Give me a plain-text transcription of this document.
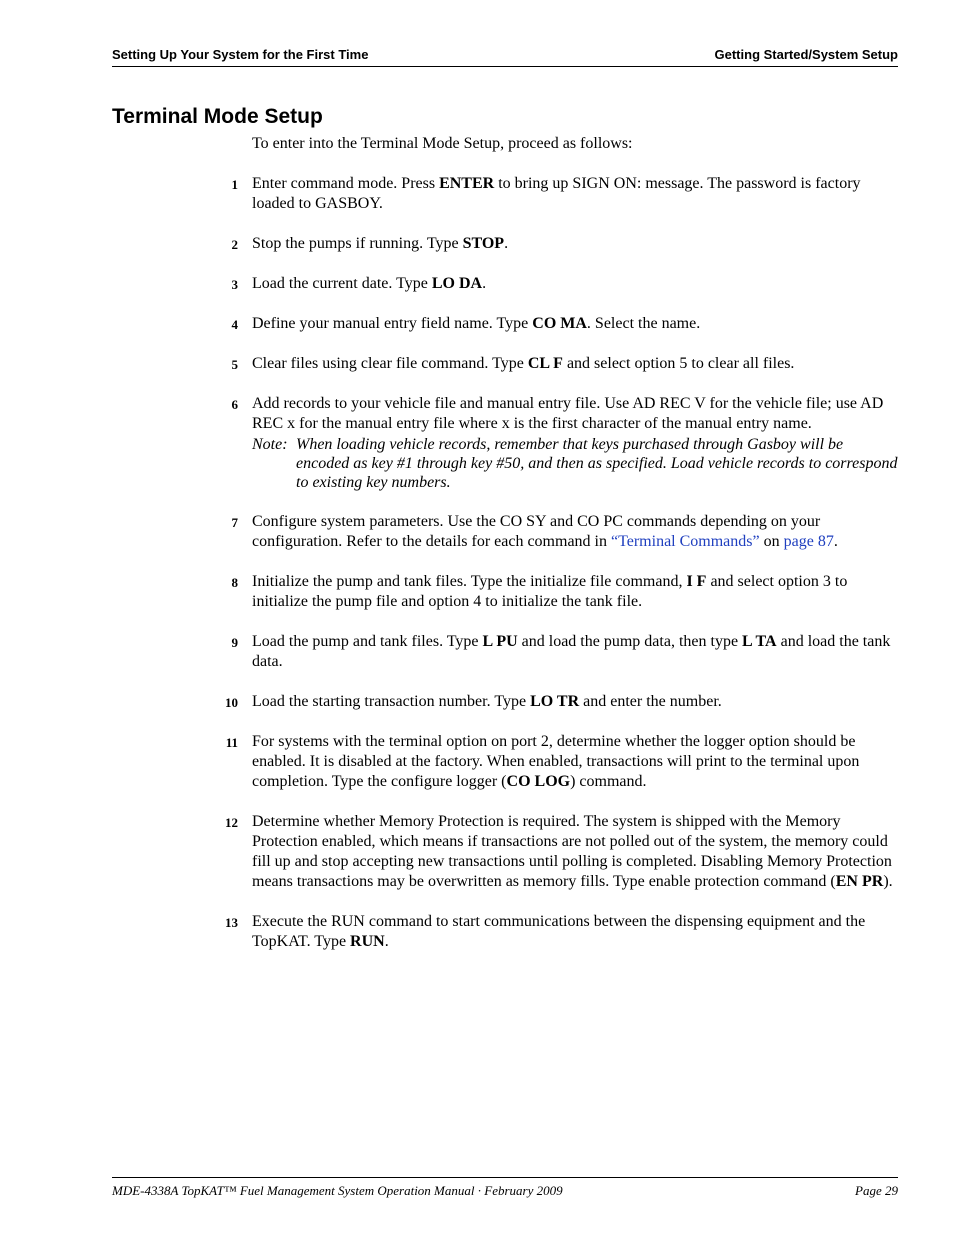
Setting Up Your System for the First Time	Getting Started/System Setup
Terminal Mode Setup
To enter into the Terminal Mode Setup, proceed as follows:
1 Enter command mode. Press ENTER to bring up SIGN ON: message. The password is factory loaded to GASBOY.
2 Stop the pumps if running. Type STOP.
3 Load the current date. Type LO DA.
4 Define your manual entry field name. Type CO MA. Select the name.
5 Clear files using clear file command. Type CL F and select option 5 to clear all files.
6 Add records to your vehicle file and manual entry file. Use AD REC V for the vehicle file; use AD REC x for the manual entry file where x is the first character of the manual entry name.
Note: When loading vehicle records, remember that keys purchased through Gasboy will be encoded as key #1 through key #50, and then as specified. Load vehicle records to correspond to existing key numbers.
7 Configure system parameters. Use the CO SY and CO PC commands depending on your configuration. Refer to the details for each command in “Terminal Commands” on page 87.
8 Initialize the pump and tank files. Type the initialize file command, I F and select option 3 to initialize the pump file and option 4 to initialize the tank file.
9 Load the pump and tank files. Type L PU and load the pump data, then type L TA and load the tank data.
10 Load the starting transaction number. Type LO TR and enter the number.
11 For systems with the terminal option on port 2, determine whether the logger option should be enabled. It is disabled at the factory. When enabled, transactions will print to the terminal upon completion. Type the configure logger (CO LOG) command.
12 Determine whether Memory Protection is required. The system is shipped with the Memory Protection enabled, which means if transactions are not polled out of the system, the memory could fill up and stop accepting new transactions until polling is completed. Disabling Memory Protection means transactions may be overwritten as memory fills. Type enable protection command (EN PR).
13 Execute the RUN command to start communications between the dispensing equipment and the TopKAT. Type RUN.
MDE-4338A TopKAT™ Fuel Management System Operation Manual · February 2009	Page 29
